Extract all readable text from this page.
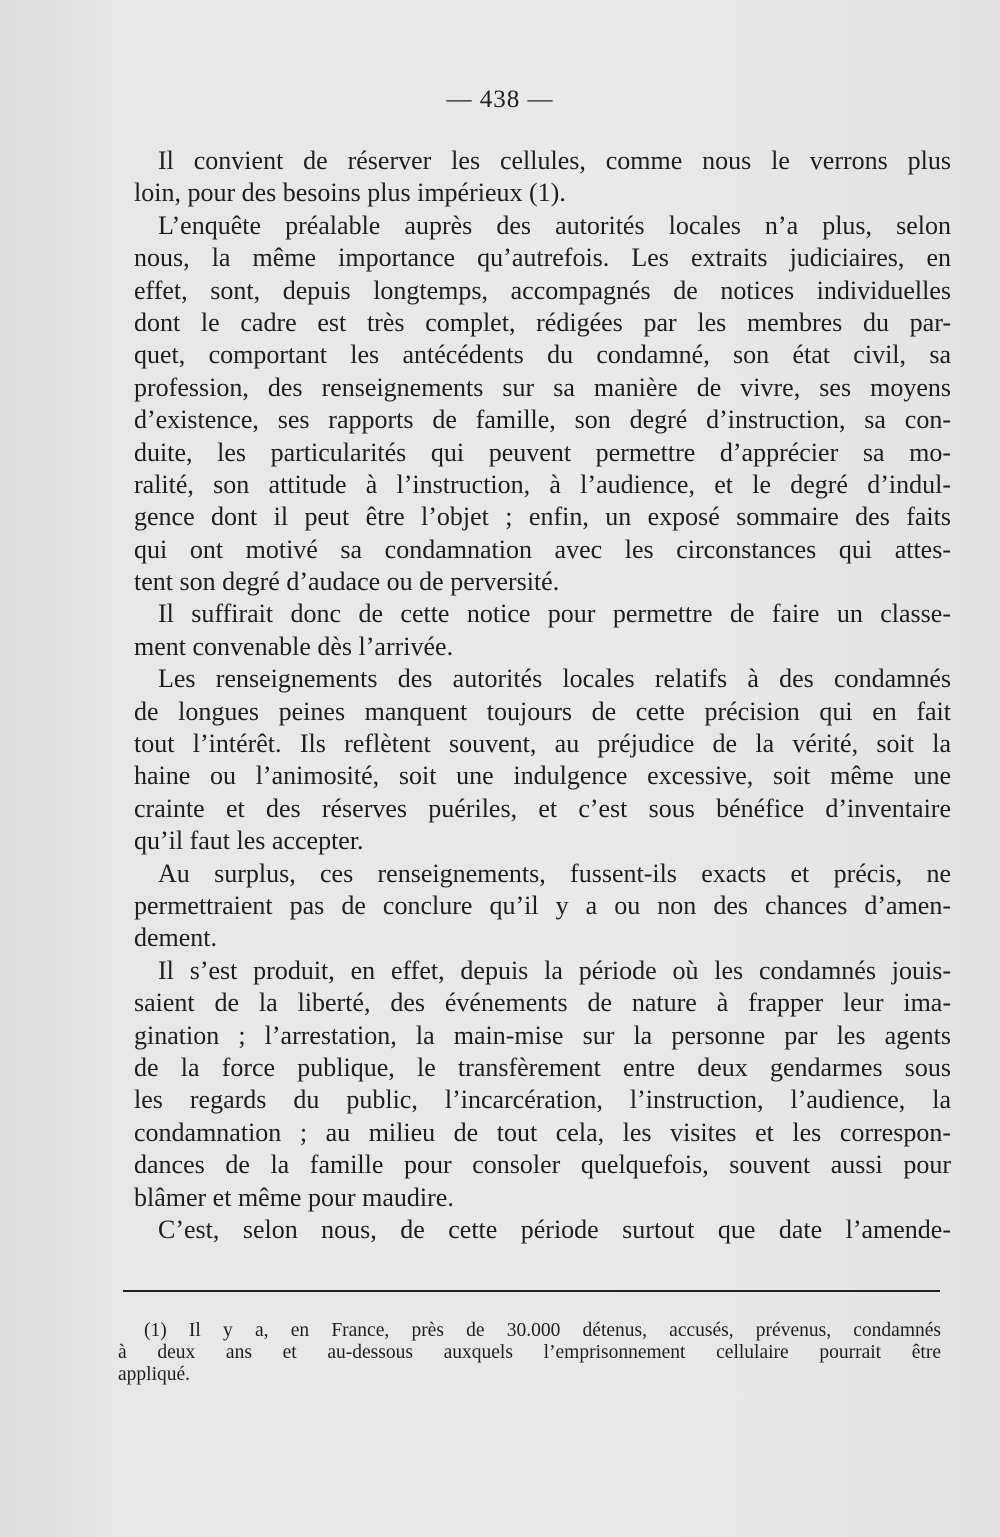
— 438 —
Il convient de réserver les cellules, comme nous le verrons plus
loin, pour des besoins plus impérieux (1).
L’enquête préalable auprès des autorités locales n’a plus, selon
nous, la même importance qu’autrefois. Les extraits judiciaires, en
effet, sont, depuis longtemps, accompagnés de notices individuelles
dont le cadre est très complet, rédigées par les membres du par-
quet, comportant les antécédents du condamné, son état civil, sa
profession, des renseignements sur sa manière de vivre, ses moyens
d’existence, ses rapports de famille, son degré d’instruction, sa con-
duite, les particularités qui peuvent permettre d’apprécier sa mo-
ralité, son attitude à l’instruction, à l’audience, et le degré d’indul-
gence dont il peut être l’objet ; enfin, un exposé sommaire des faits
qui ont motivé sa condamnation avec les circonstances qui attes-
tent son degré d’audace ou de perversité.
Il suffirait donc de cette notice pour permettre de faire un classe-
ment convenable dès l’arrivée.
Les renseignements des autorités locales relatifs à des condamnés
de longues peines manquent toujours de cette précision qui en fait
tout l’intérêt. Ils reflètent souvent, au préjudice de la vérité, soit la
haine ou l’animosité, soit une indulgence excessive, soit même une
crainte et des réserves puériles, et c’est sous bénéfice d’inventaire
qu’il faut les accepter.
Au surplus, ces renseignements, fussent-ils exacts et précis, ne
permettraient pas de conclure qu’il y a ou non des chances d’amen-
dement.
Il s’est produit, en effet, depuis la période où les condamnés jouis-
saient de la liberté, des événements de nature à frapper leur ima-
gination ; l’arrestation, la main-mise sur la personne par les agents
de la force publique, le transfèrement entre deux gendarmes sous
les regards du public, l’incarcération, l’instruction, l’audience, la
condamnation ; au milieu de tout cela, les visites et les correspon-
dances de la famille pour consoler quelquefois, souvent aussi pour
blâmer et même pour maudire.
C’est, selon nous, de cette période surtout que date l’amende-
(1) Il y a, en France, près de 30.000 détenus, accusés, prévenus, condamnés
à deux ans et au-dessous auxquels l’emprisonnement cellulaire pourrait être
appliqué.
